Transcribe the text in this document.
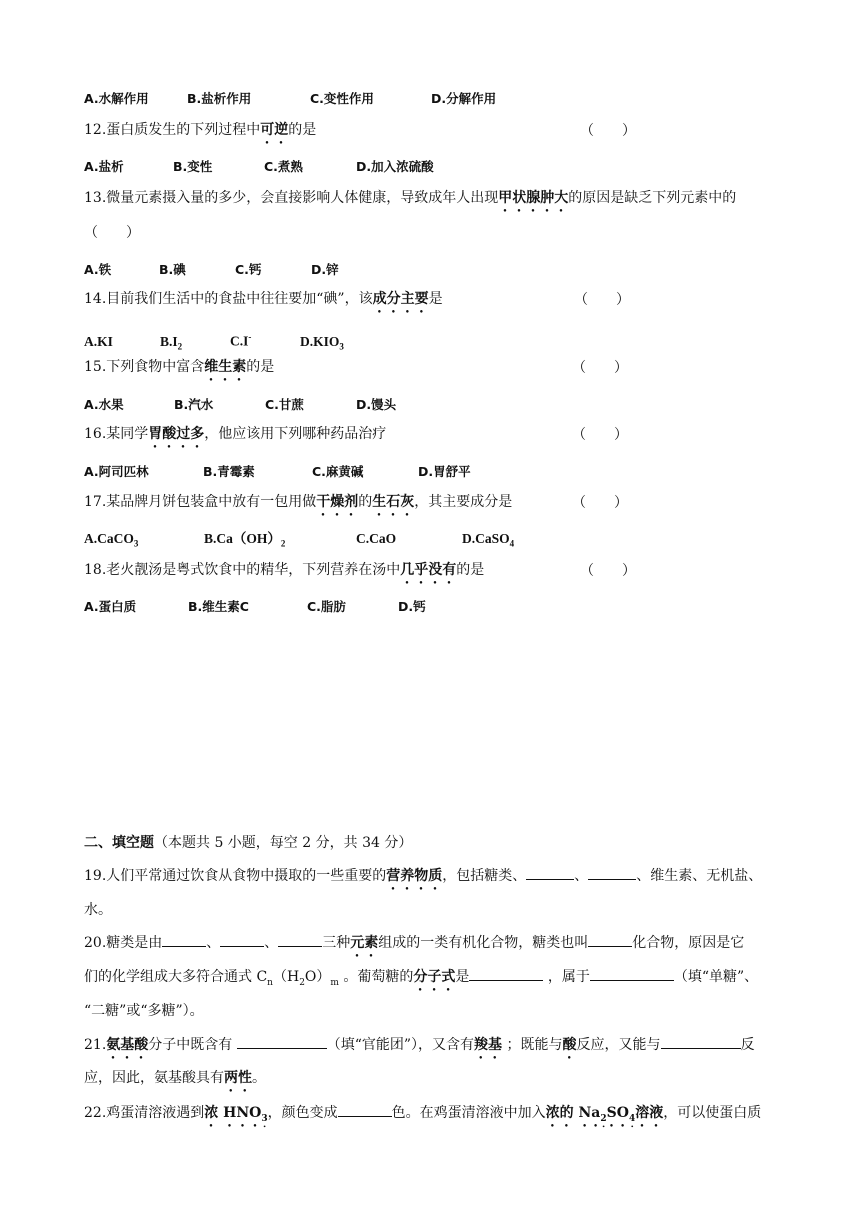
A.水解作用	B.盐析作用	C.变性作用	D.分解作用
12.蛋白质发生的下列过程中可逆的是	（　　）
A.盐析	B.变性	C.煮熟	D.加入浓硫酸
13.微量元素摄入量的多少，会直接影响人体健康，导致成年人出现甲状腺肿大的原因是缺乏下列元素中的
（　　）
A.铁	B.碘	C.钙	D.锌
14.目前我们生活中的食盐中往往要加“碘”，该成分主要是	（　　）
A.KI	$B.I_2$	C.I-	$D.KIO_3$
15.下列食物中富含维生素的是	（　　）
A.水果	B.汽水	C.甘蔗	D.馒头
16.某同学胃酸过多，他应该用下列哪种药品治疗	（　　）
A.阿司匹林	B.青霉素	C.麻黄碱	D.胃舒平
17.某品牌月饼包装盒中放有一包用做干燥剂的生石灰，其主要成分是	（　　）
A.CaCO$_3$	$B.Ca(OH)_2$	C.CaO	D.CaSO$_4$
18.老火靓汤是粤式饮食中的精华，下列营养在汤中几乎没有的是	（　　）
A.蛋白质	B.维生素C	C.脂肪	D.钙
二、填空题（本题共 5 小题，每空 2 分，共 34 分）
19.人们平常通过饮食从食物中摄取的一些重要的营养物质，包括糖类、	、	、维生素、无机盐、
水。
20.糖类是由	、	、	三种元素组成的一类有机化合物，糖类也叫	化合物，原因是它
们的化学组成大多符合通式 $C_n(H_2O)_m$ 。葡萄糖的分子式是	，属于	（填“单糖”、
“二糖”或“多糖”）。
21.氨基酸分子中既含有	（填“官能团”），又含有羧基 ；既能与酸反应，又能与	反
应，因此，氨基酸具有两性。
22.鸡蛋清溶液遇到浓 $HNO_3$，颜色变成	色。在鸡蛋清溶液中加入浓的 $Na_2SO_4$溶液，可以使蛋白质
